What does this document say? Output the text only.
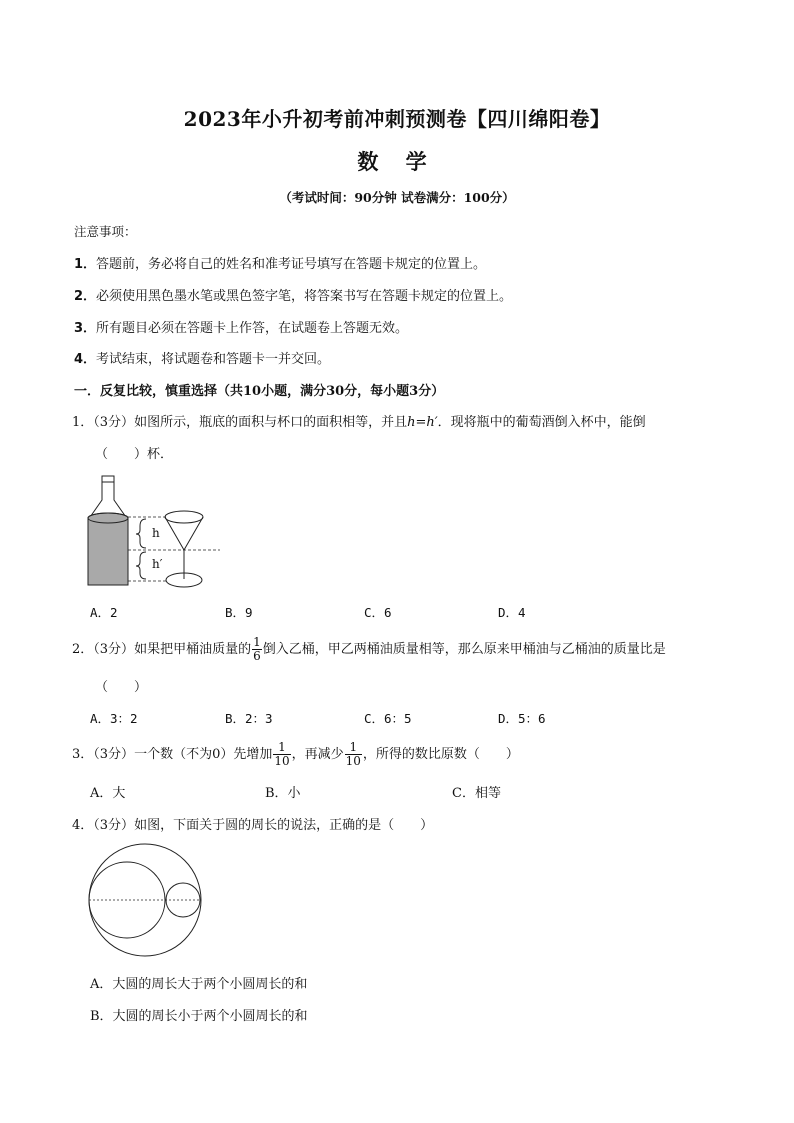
2023年小升初考前冲刺预测卷【四川绵阳卷】
数 学
（考试时间：90分钟 试卷满分：100分）
注意事项：
1．答题前，务必将自己的姓名和准考证号填写在答题卡规定的位置上。
2．必须使用黑色墨水笔或黑色签字笔，将答案书写在答题卡规定的位置上。
3．所有题目必须在答题卡上作答，在试题卷上答题无效。
4．考试结束，将试题卷和答题卡一并交回。
一．反复比较，慎重选择（共10小题，满分30分，每小题3分）
1．（3分）如图所示，瓶底的面积与杯口的面积相等，并且h=h′．现将瓶中的葡萄酒倒入杯中，能倒
（　　）杯．
h
h′
A．2	B．9	C．6	D．4
2．（3分）如果把甲桶油质量的 $\frac{1}{6}$ 倒入乙桶，甲乙两桶油质量相等，那么原来甲桶油与乙桶油的质量比是
（　　）
A．3：2	B．2：3	C．6：5	D．5：6
3．（3分）一个数（不为0）先增加 $\frac{1}{10}$ ，再减少 $\frac{1}{10}$ ，所得的数比原数（　　）
A．大	B．小	C．相等
4．（3分）如图，下面关于圆的周长的说法，正确的是（　　）
A．大圆的周长大于两个小圆周长的和
B．大圆的周长小于两个小圆周长的和
